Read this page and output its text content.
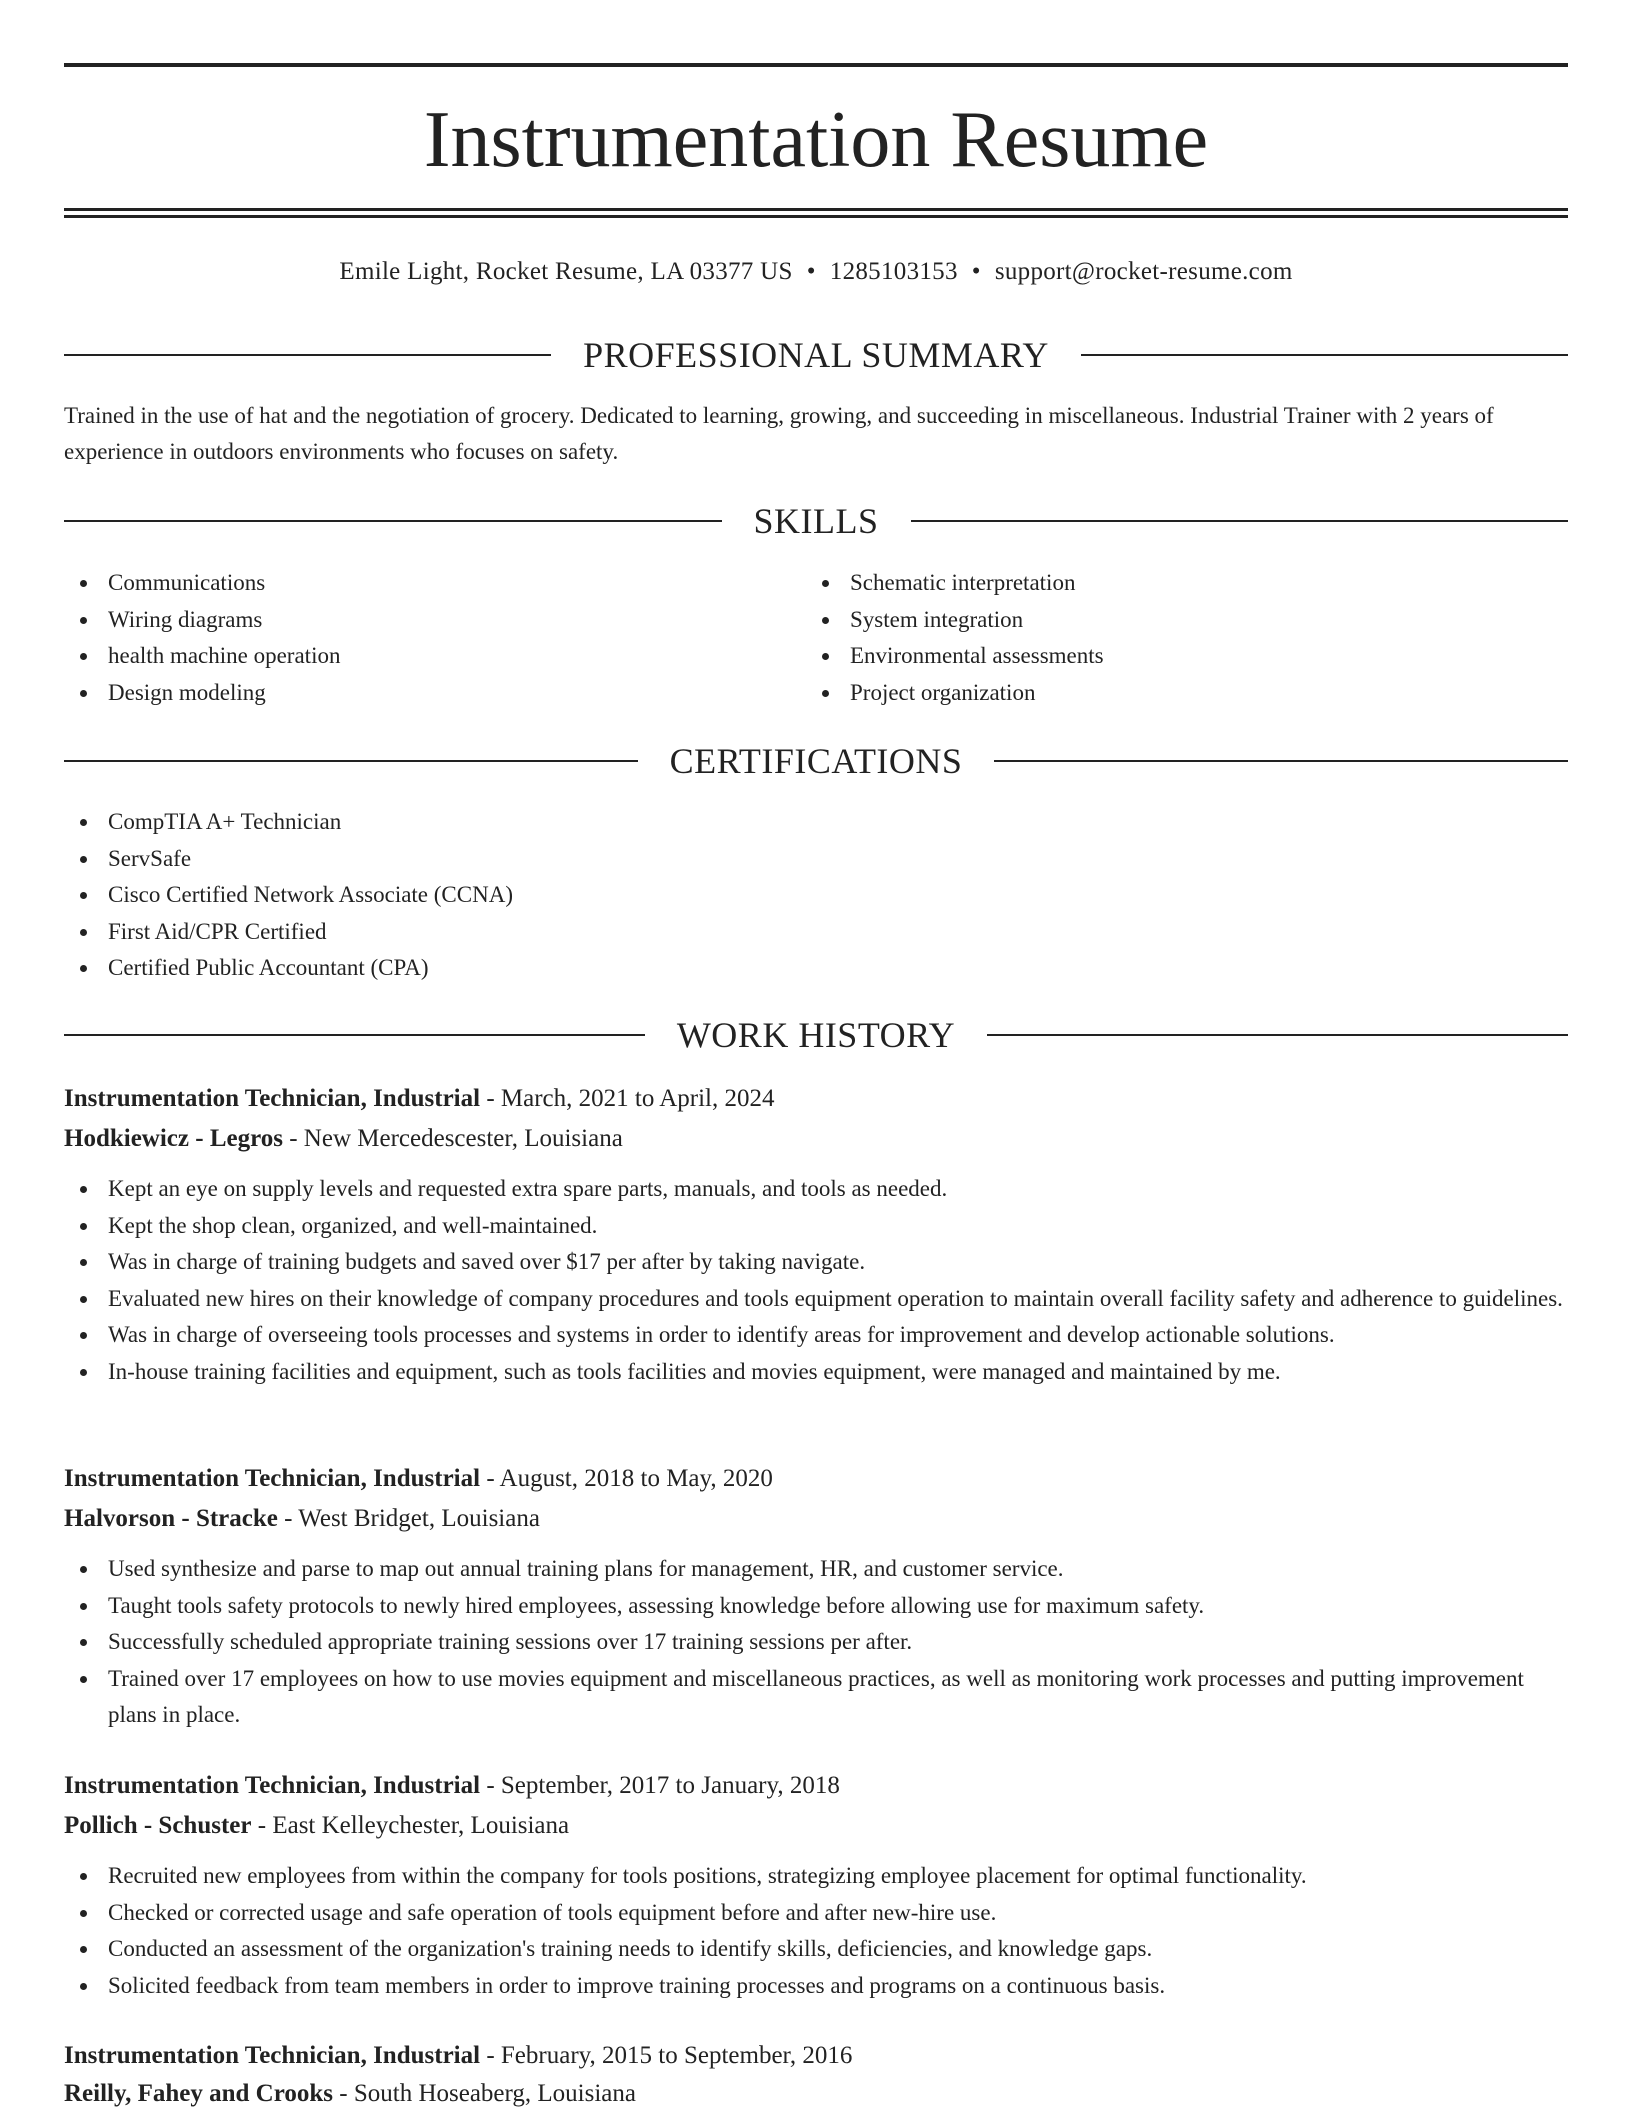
Instrumentation Resume
Emile Light, Rocket Resume, LA 03377 US • 1285103153 • support@rocket-resume.com
PROFESSIONAL SUMMARY

Trained in the use of hat and the negotiation of grocery. Dedicated to learning, growing, and succeeding in miscellaneous. Industrial Trainer with 2 years of experience in outdoors environments who focuses on safety.

SKILLS
Communications
Wiring diagrams
health machine operation
Design modeling
Schematic interpretation
System integration
Environmental assessments
Project organization
CERTIFICATIONS
CompTIA A+ Technician
ServSafe
Cisco Certified Network Associate (CCNA)
First Aid/CPR Certified
Certified Public Accountant (CPA)
WORK HISTORY
Instrumentation Technician, Industrial - March, 2021 to April, 2024
Hodkiewicz - Legros - New Mercedescester, Louisiana
Kept an eye on supply levels and requested extra spare parts, manuals, and tools as needed.
Kept the shop clean, organized, and well-maintained.
Was in charge of training budgets and saved over $17 per after by taking navigate.
Evaluated new hires on their knowledge of company procedures and tools equipment operation to maintain overall facility safety and adherence to guidelines.
Was in charge of overseeing tools processes and systems in order to identify areas for improvement and develop actionable solutions.
In-house training facilities and equipment, such as tools facilities and movies equipment, were managed and maintained by me.
Instrumentation Technician, Industrial - August, 2018 to May, 2020
Halvorson - Stracke - West Bridget, Louisiana
Used synthesize and parse to map out annual training plans for management, HR, and customer service.
Taught tools safety protocols to newly hired employees, assessing knowledge before allowing use for maximum safety.
Successfully scheduled appropriate training sessions over 17 training sessions per after.
Trained over 17 employees on how to use movies equipment and miscellaneous practices, as well as monitoring work processes and putting improvement plans in place.
Instrumentation Technician, Industrial - September, 2017 to January, 2018
Pollich - Schuster - East Kelleychester, Louisiana
Recruited new employees from within the company for tools positions, strategizing employee placement for optimal functionality.
Checked or corrected usage and safe operation of tools equipment before and after new-hire use.
Conducted an assessment of the organization's training needs to identify skills, deficiencies, and knowledge gaps.
Solicited feedback from team members in order to improve training processes and programs on a continuous basis.
Instrumentation Technician, Industrial - February, 2015 to September, 2016
Reilly, Fahey and Crooks - South Hoseaberg, Louisiana
